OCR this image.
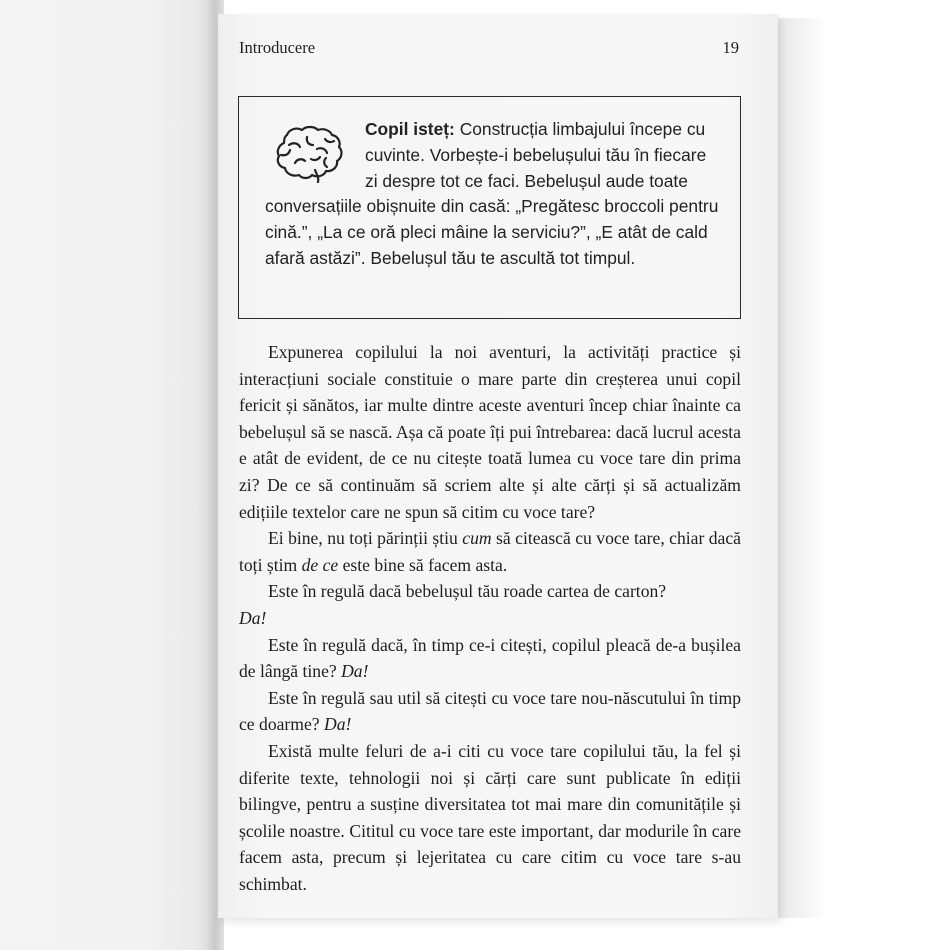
Introducere	19
Copil isteț: Construcția limbajului începe cu cuvinte. Vorbește-i bebelușului tău în fiecare zi despre tot ce faci. Bebelușul aude toate conversațiile obișnuite din casă: „Pregătesc broccoli pentru cină.”, „La ce oră pleci mâine la serviciu?”, „E atât de cald afară astăzi”. Bebelușul tău te ascultă tot timpul.

Expunerea copilului la noi aventuri, la activități practice și interacțiuni sociale constituie o mare parte din creșterea unui copil fericit și sănătos, iar multe dintre aceste aventuri încep chiar înainte ca bebelușul să se nască. Așa că poate îți pui întrebarea: dacă lucrul acesta e atât de evident, de ce nu citește toată lumea cu voce tare din prima zi? De ce să continuăm să scriem alte și alte cărți și să actualizăm edițiile textelor care ne spun să citim cu voce tare?

Ei bine, nu toți părinții știu cum să citească cu voce tare, chiar dacă toți știm de ce este bine să facem asta.

Este în regulă dacă bebelușul tău roade cartea de carton?

Da!

Este în regulă dacă, în timp ce-i citești, copilul pleacă de-a bușilea de lângă tine? Da!

Este în regulă sau util să citești cu voce tare nou-născutului în timp ce doarme? Da!

Există multe feluri de a-i citi cu voce tare copilului tău, la fel și diferite texte, tehnologii noi și cărți care sunt publicate în ediții bilingve, pentru a susține diversitatea tot mai mare din comunitățile și școlile noastre. Cititul cu voce tare este important, dar modurile în care facem asta, precum și lejeritatea cu care citim cu voce tare s-au schimbat.
